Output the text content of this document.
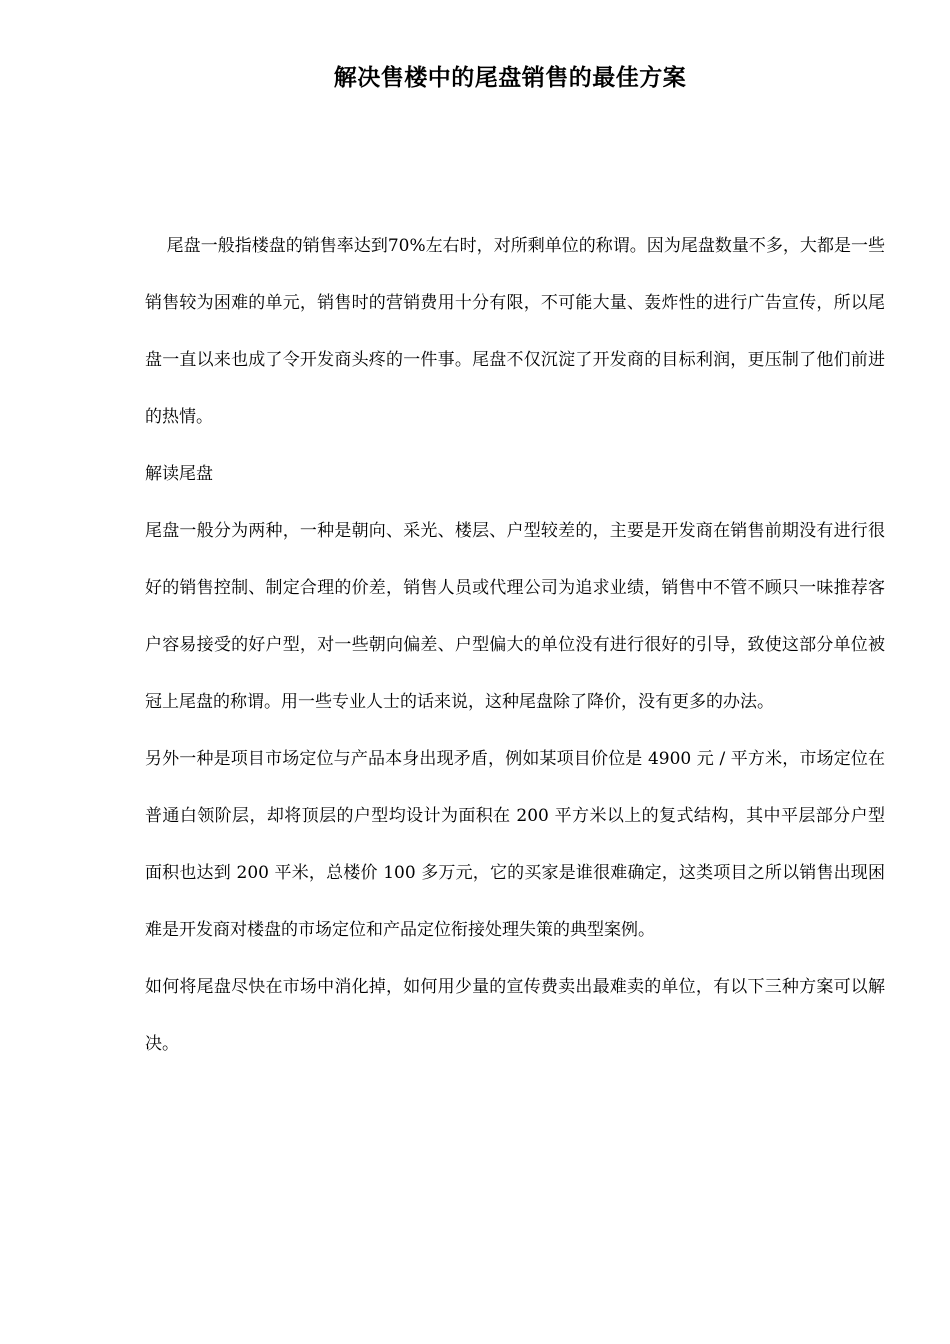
解决售楼中的尾盘销售的最佳方案

尾盘一般指楼盘的销售率达到70%左右时，对所剩单位的称谓。因为尾盘数量不多，大都是一些销售较为困难的单元，销售时的营销费用十分有限，不可能大量、轰炸性的进行广告宣传，所以尾盘一直以来也成了令开发商头疼的一件事。尾盘不仅沉淀了开发商的目标利润，更压制了他们前进的热情。

解读尾盘

尾盘一般分为两种，一种是朝向、采光、楼层、户型较差的，主要是开发商在销售前期没有进行很好的销售控制、制定合理的价差，销售人员或代理公司为追求业绩，销售中不管不顾只一味推荐客户容易接受的好户型，对一些朝向偏差、户型偏大的单位没有进行很好的引导，致使这部分单位被冠上尾盘的称谓。用一些专业人士的话来说，这种尾盘除了降价，没有更多的办法。

另外一种是项目市场定位与产品本身出现矛盾，例如某项目价位是 4900 元 / 平方米，市场定位在普通白领阶层，却将顶层的户型均设计为面积在 200 平方米以上的复式结构，其中平层部分户型面积也达到 200 平米，总楼价 100 多万元，它的买家是谁很难确定，这类项目之所以销售出现困难是开发商对楼盘的市场定位和产品定位衔接处理失策的典型案例。

如何将尾盘尽快在市场中消化掉，如何用少量的宣传费卖出最难卖的单位，有以下三种方案可以解决。
